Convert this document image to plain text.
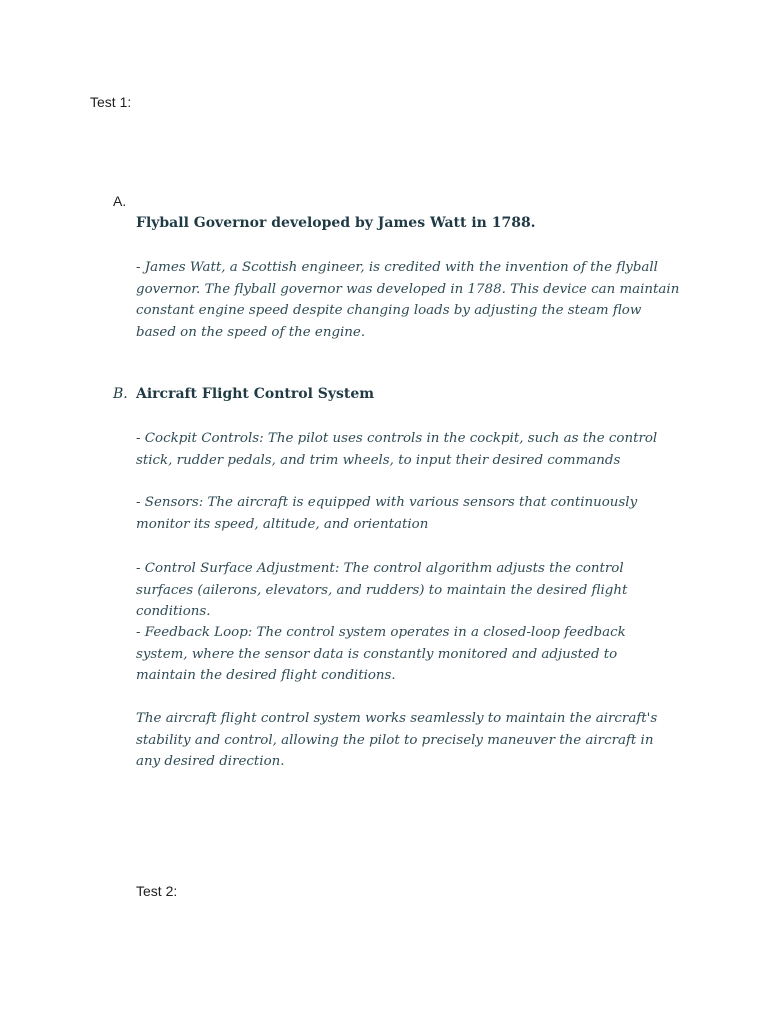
Test 1:
A.
Flyball Governor developed by James Watt in 1788.

- James Watt, a Scottish engineer, is credited with the invention of the flyball governor. The flyball governor was developed in 1788. This device can maintain constant engine speed despite changing loads by adjusting the steam flow based on the speed of the engine.

B. Aircraft Flight Control System

- Cockpit Controls: The pilot uses controls in the cockpit, such as the control stick, rudder pedals, and trim wheels, to input their desired commands

- Sensors: The aircraft is equipped with various sensors that continuously monitor its speed, altitude, and orientation

- Control Surface Adjustment: The control algorithm adjusts the control surfaces (ailerons, elevators, and rudders) to maintain the desired flight conditions.

- Feedback Loop: The control system operates in a closed-loop feedback system, where the sensor data is constantly monitored and adjusted to maintain the desired flight conditions.

The aircraft flight control system works seamlessly to maintain the aircraft's stability and control, allowing the pilot to precisely maneuver the aircraft in any desired direction.

Test 2:
